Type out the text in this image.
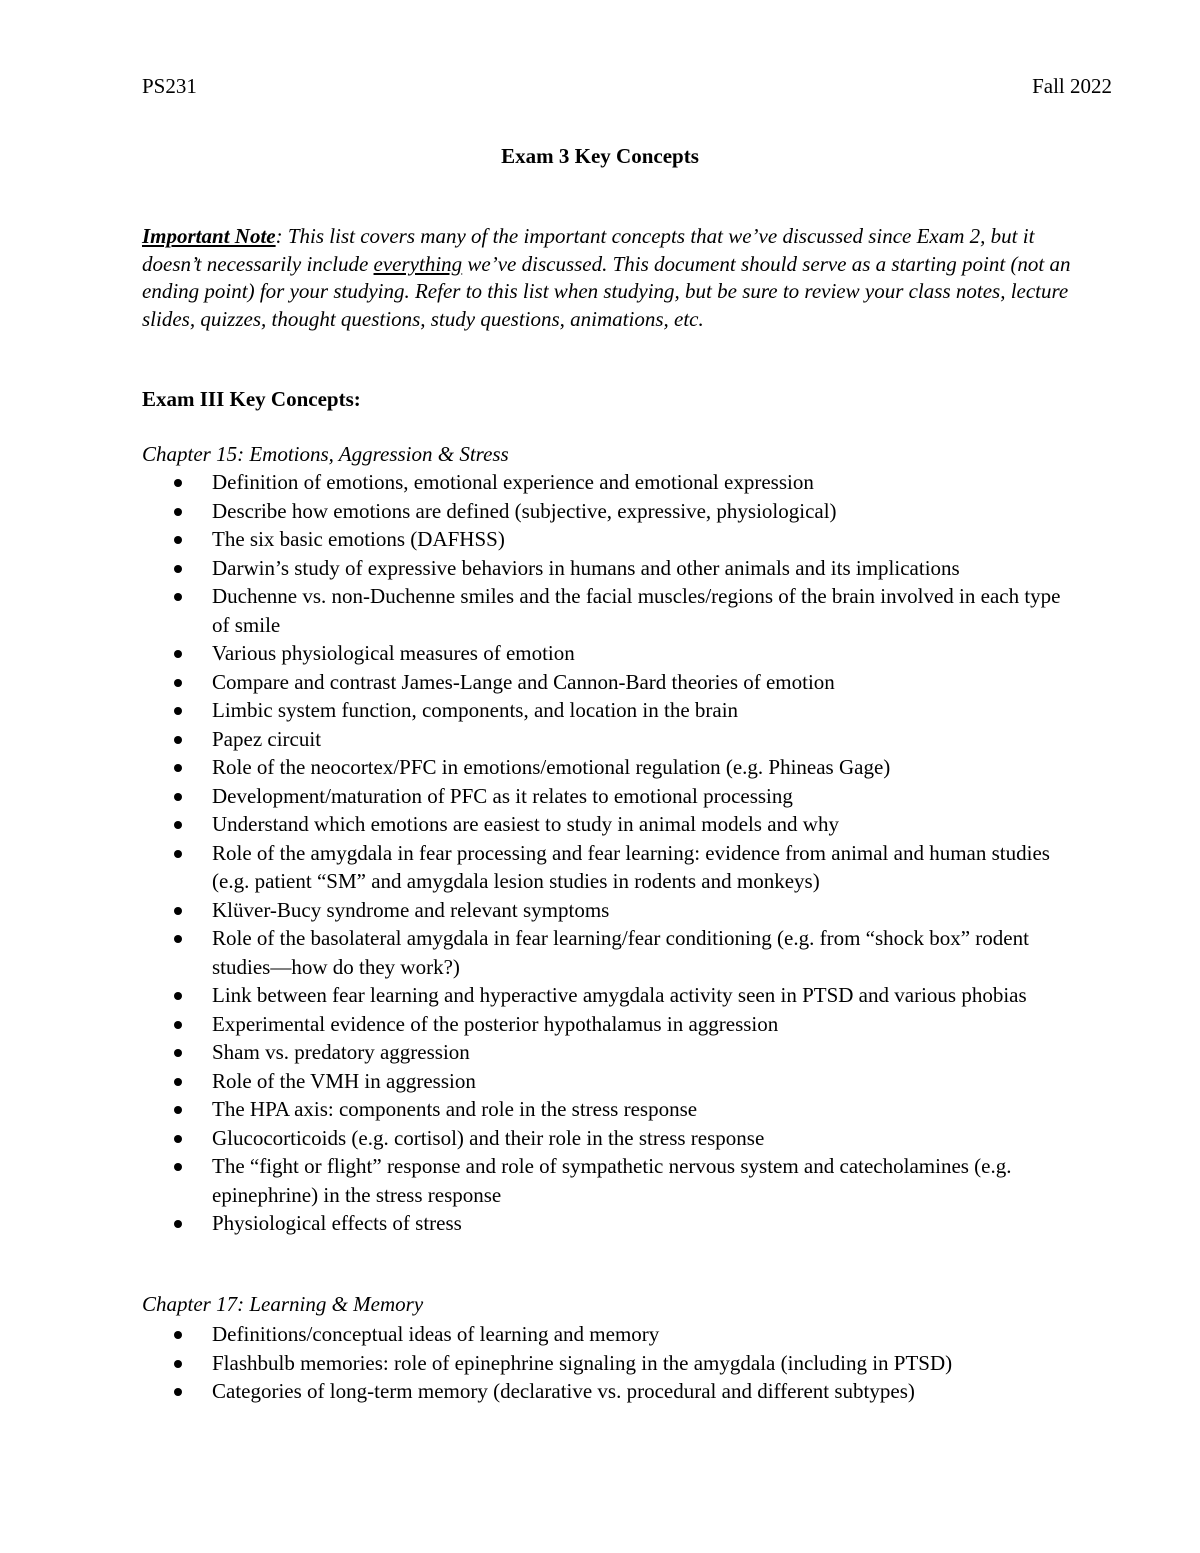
PS231	Fall 2022
Exam 3 Key Concepts
Important Note: This list covers many of the important concepts that we’ve discussed since Exam 2, but it doesn’t necessarily include everything we’ve discussed. This document should serve as a starting point (not an ending point) for your studying. Refer to this list when studying, but be sure to review your class notes, lecture slides, quizzes, thought questions, study questions, animations, etc.
Exam III Key Concepts:
Chapter 15: Emotions, Aggression & Stress
Definition of emotions, emotional experience and emotional expression
Describe how emotions are defined (subjective, expressive, physiological)
The six basic emotions (DAFHSS)
Darwin’s study of expressive behaviors in humans and other animals and its implications
Duchenne vs. non-Duchenne smiles and the facial muscles/regions of the brain involved in each type of smile
Various physiological measures of emotion
Compare and contrast James-Lange and Cannon-Bard theories of emotion
Limbic system function, components, and location in the brain
Papez circuit
Role of the neocortex/PFC in emotions/emotional regulation (e.g. Phineas Gage)
Development/maturation of PFC as it relates to emotional processing
Understand which emotions are easiest to study in animal models and why
Role of the amygdala in fear processing and fear learning: evidence from animal and human studies (e.g. patient “SM” and amygdala lesion studies in rodents and monkeys)
Klüver-Bucy syndrome and relevant symptoms
Role of the basolateral amygdala in fear learning/fear conditioning (e.g. from “shock box” rodent studies—how do they work?)
Link between fear learning and hyperactive amygdala activity seen in PTSD and various phobias
Experimental evidence of the posterior hypothalamus in aggression
Sham vs. predatory aggression
Role of the VMH in aggression
The HPA axis: components and role in the stress response
Glucocorticoids (e.g. cortisol) and their role in the stress response
The “fight or flight” response and role of sympathetic nervous system and catecholamines (e.g. epinephrine) in the stress response
Physiological effects of stress
Chapter 17: Learning & Memory
Definitions/conceptual ideas of learning and memory
Flashbulb memories: role of epinephrine signaling in the amygdala (including in PTSD)
Categories of long-term memory (declarative vs. procedural and different subtypes)
